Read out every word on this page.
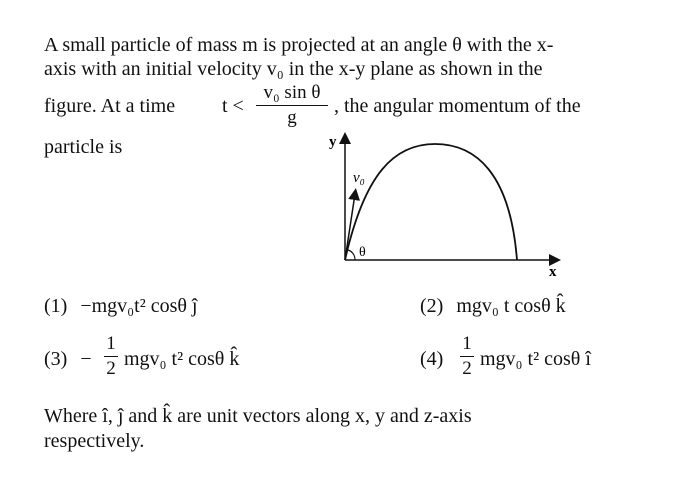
A small particle of mass m is projected at an angle θ with the x-
axis with an initial velocity v₀ in the x-y plane as shown in the
figure. At a time t <
v₀ sin θ
g
, the angular momentum of the
particle is	y
x
v₀
θ
(1) −mgv₀t² cosθ ĵ	(2) mgv₀ t cosθ k̂
(3) −
1
2 mgv₀ t² cosθ k̂	(4)
1
2 mgv₀ t² cosθ î
Where î, ĵ and k̂ are unit vectors along x, y and z-axis
respectively.
